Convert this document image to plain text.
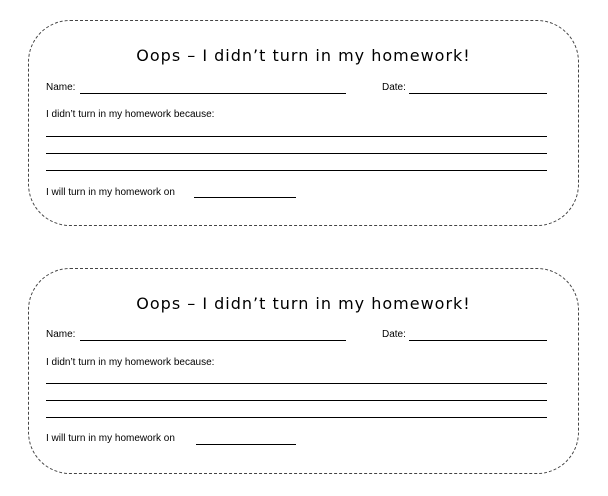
Oops – I didn’t turn in my homework!
Name:	Date:
I didn’t turn in my homework because:
I will turn in my homework on
Oops – I didn’t turn in my homework!
Name:	Date:
I didn’t turn in my homework because:
I will turn in my homework on
